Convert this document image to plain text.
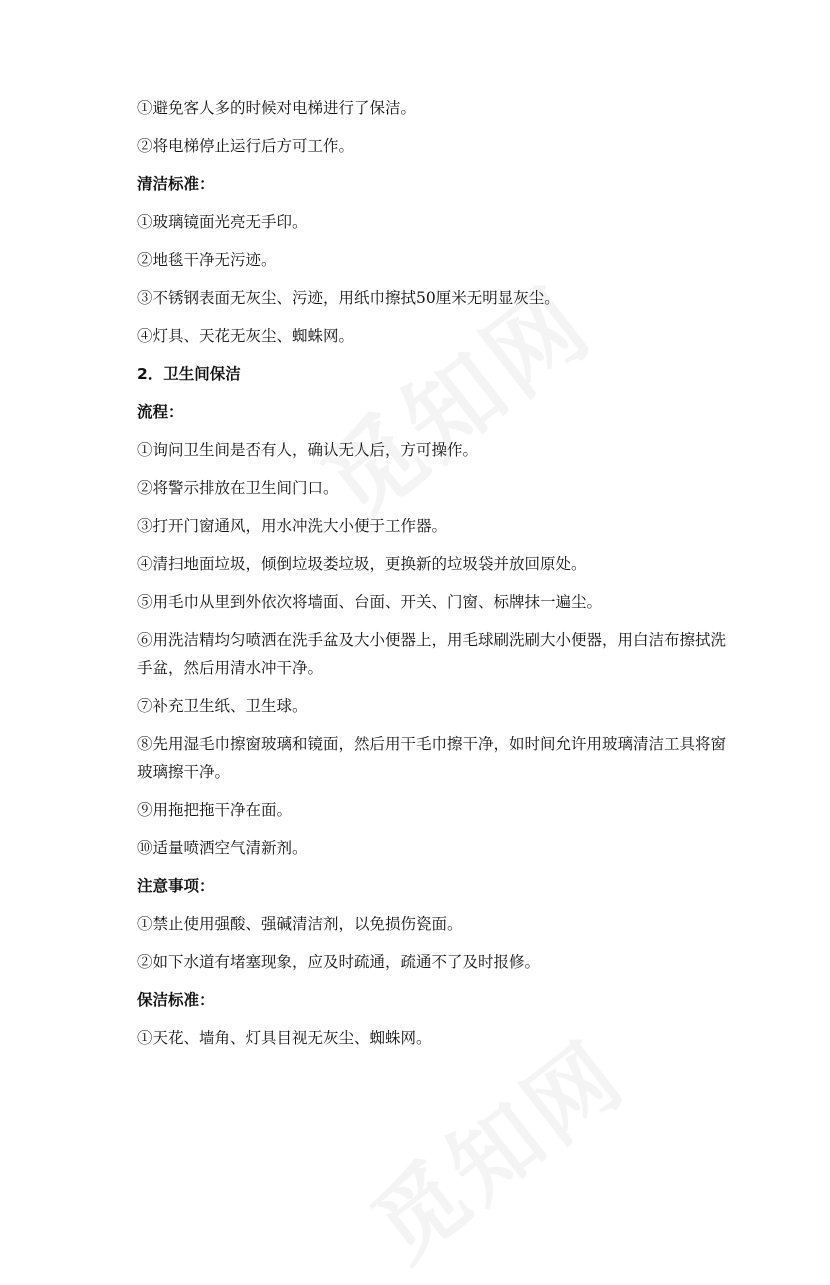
①避免客人多的时候对电梯进行了保洁。

②将电梯停止运行后方可工作。

清洁标准：

①玻璃镜面光亮无手印。

②地毯干净无污迹。

③不锈钢表面无灰尘、污迹，用纸巾擦拭50厘米无明显灰尘。

④灯具、天花无灰尘、蜘蛛网。

2．卫生间保洁

流程：

①询问卫生间是否有人，确认无人后，方可操作。

②将警示排放在卫生间门口。

③打开门窗通风，用水冲洗大小便于工作器。

④清扫地面垃圾，倾倒垃圾娄垃圾，更换新的垃圾袋并放回原处。

⑤用毛巾从里到外依次将墙面、台面、开关、门窗、标牌抹一遍尘。

⑥用洗洁精均匀喷洒在洗手盆及大小便器上，用毛球刷洗刷大小便器，用白洁布擦拭洗手盆，然后用清水冲干净。

⑦补充卫生纸、卫生球。

⑧先用湿毛巾擦窗玻璃和镜面，然后用干毛巾擦干净，如时间允许用玻璃清洁工具将窗玻璃擦干净。

⑨用拖把拖干净在面。

⑩适量喷洒空气清新剂。

注意事项：

①禁止使用强酸、强碱清洁剂，以免损伤瓷面。

②如下水道有堵塞现象，应及时疏通，疏通不了及时报修。

保洁标准：

①天花、墙角、灯具目视无灰尘、蜘蛛网。
